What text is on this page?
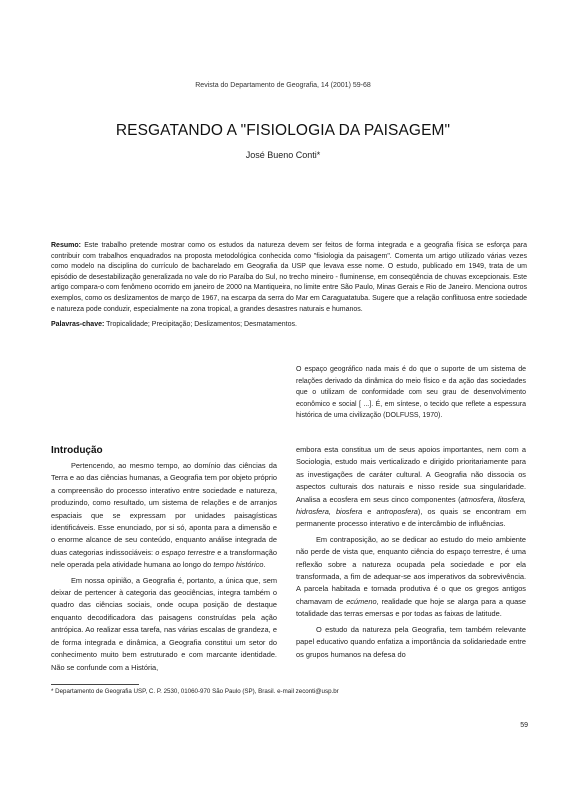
Revista do Departamento de Geografia, 14 (2001) 59-68
RESGATANDO A "FISIOLOGIA DA PAISAGEM"
José Bueno Conti*
Resumo: Este trabalho pretende mostrar como os estudos da natureza devem ser feitos de forma integrada e a geografia física se esforça para contribuir com trabalhos enquadrados na proposta metodológica conhecida como "fisiologia da paisagem". Comenta um artigo utilizado várias vezes como modelo na disciplina do currículo de bacharelado em Geografia da USP que levava esse nome. O estudo, publicado em 1949, trata de um episódio de desestabilização generalizada no vale do rio Paraíba do Sul, no trecho mineiro - fluminense, em conseqüência de chuvas excepcionais. Este artigo compara-o com fenômeno ocorrido em janeiro de 2000 na Mantiqueira, no limite entre São Paulo, Minas Gerais e Rio de Janeiro. Menciona outros exemplos, como os deslizamentos de março de 1967, na escarpa da serra do Mar em Caraguatatuba. Sugere que a relação conflituosa entre sociedade e natureza pode conduzir, especialmente na zona tropical, a grandes desastres naturais e humanos.
Palavras-chave: Tropicalidade; Precipitação; Deslizamentos; Desmatamentos.
O espaço geográfico nada mais é do que o suporte de um sistema de relações derivado da dinâmica do meio físico e da ação das sociedades que o utilizam de conformidade com seu grau de desenvolvimento econômico e social [ ...]. É, em síntese, o tecido que reflete a espessura histórica de uma civilização (DOLFUSS, 1970).
Introdução

Pertencendo, ao mesmo tempo, ao domínio das ciências da Terra e ao das ciências humanas, a Geografia tem por objeto próprio a compreensão do processo interativo entre sociedade e natureza, produzindo, como resultado, um sistema de relações e de arranjos espaciais que se expressam por unidades paisagísticas identificáveis. Esse enunciado, por si só, aponta para a dimensão e o enorme alcance de seu conteúdo, enquanto análise integrada de duas categorias indissociáveis: o espaço terrestre e a transformação nele operada pela atividade humana ao longo do tempo histórico.

Em nossa opinião, a Geografia é, portanto, a única que, sem deixar de pertencer à categoria das geociências, integra também o quadro das ciências sociais, onde ocupa posição de destaque enquanto decodificadora das paisagens construídas pela ação antrópica. Ao realizar essa tarefa, nas várias escalas de grandeza, e de forma integrada e dinâmica, a Geografia constitui um setor do conhecimento muito bem estruturado e com marcante identidade. Não se confunde com a História,

embora esta constitua um de seus apoios importantes, nem com a Sociologia, estudo mais verticalizado e dirigido prioritariamente para as investigações de caráter cultural. A Geografia não dissocia os aspectos culturais dos naturais e nisso reside sua singularidade. Analisa a ecosfera em seus cinco componentes (atmosfera, litosfera, hidrosfera, biosfera e antroposfera), os quais se encontram em permanente processo interativo e de intercâmbio de influências.

Em contraposição, ao se dedicar ao estudo do meio ambiente não perde de vista que, enquanto ciência do espaço terrestre, é uma reflexão sobre a natureza ocupada pela sociedade e por ela transformada, a fim de adequar-se aos imperativos da sobrevivência. A parcela habitada e tornada produtiva é o que os gregos antigos chamavam de ecúmeno, realidade que hoje se alarga para a quase totalidade das terras emersas e por todas as faixas de latitude.

O estudo da natureza pela Geografia, tem também relevante papel educativo quando enfatiza a importância da solidariedade entre os grupos humanos na defesa do

* Departamento de Geografia USP, C. P. 2530, 01060-970 São Paulo (SP), Brasil. e-mail zeconti@usp.br
59
